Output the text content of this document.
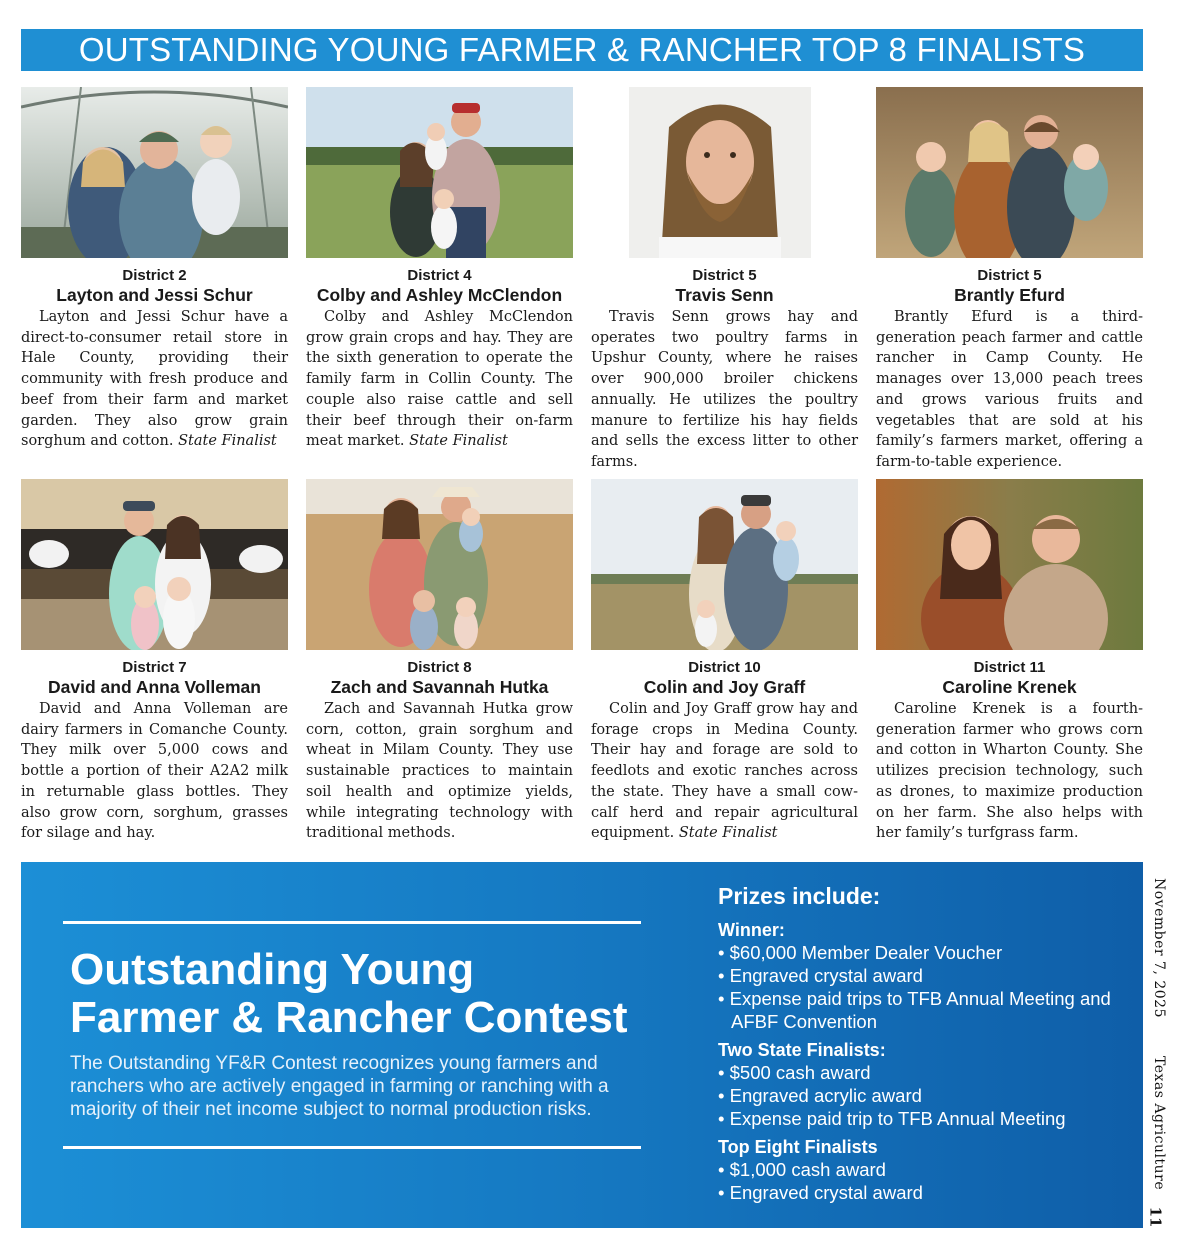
OUTSTANDING YOUNG FARMER & RANCHER TOP 8 FINALISTS
District 2
Layton and Jessi Schur
Layton and Jessi Schur have a direct-to-consumer retail store in Hale County, providing their community with fresh produce and beef from their farm and market garden. They also grow grain sorghum and cotton. State Finalist
District 4
Colby and Ashley McClendon
Colby and Ashley McClendon grow grain crops and hay. They are the sixth generation to operate the family farm in Collin County. The couple also raise cattle and sell their beef through their on-farm meat market. State Finalist
District 5
Travis Senn
Travis Senn grows hay and operates two poultry farms in Upshur County, where he raises over 900,000 broiler chickens annually. He utilizes the poultry manure to fertilize his hay fields and sells the excess litter to other farms.
District 5
Brantly Efurd
Brantly Efurd is a third-generation peach farmer and cattle rancher in Camp County. He manages over 13,000 peach trees and grows various fruits and vegetables that are sold at his family’s farmers market, offering a farm-to-table experience.
District 7
David and Anna Volleman
David and Anna Volleman are dairy farmers in Comanche County. They milk over 5,000 cows and bottle a portion of their A2A2 milk in returnable glass bottles. They also grow corn, sorghum, grasses for silage and hay.
District 8
Zach and Savannah Hutka
Zach and Savannah Hutka grow corn, cotton, grain sorghum and wheat in Milam County. They use sustainable practices to maintain soil health and optimize yields, while integrating technology with traditional methods.
District 10
Colin and Joy Graff
Colin and Joy Graff grow hay and forage crops in Medina County. Their hay and forage are sold to feedlots and exotic ranches across the state. They have a small cow-calf herd and repair agricultural equipment. State Finalist
District 11
Caroline Krenek
Caroline Krenek is a fourth-generation farmer who grows corn and cotton in Wharton County. She utilizes precision technology, such as drones, to maximize production on her farm. She also helps with her family’s turfgrass farm.
Outstanding Young
Farmer & Rancher Contest
The Outstanding YF&R Contest recognizes young farmers and ranchers who are actively engaged in farming or ranching with a majority of their net income subject to normal production risks.
Prizes include:
Winner:
• $60,000 Member Dealer Voucher
• Engraved crystal award
• Expense paid trips to TFB Annual Meeting and AFBF Convention
Two State Finalists:
• $500 cash award
• Engraved acrylic award
• Expense paid trip to TFB Annual Meeting
Top Eight Finalists
• $1,000 cash award
• Engraved crystal award
November 7, 2025
Texas Agriculture
11
